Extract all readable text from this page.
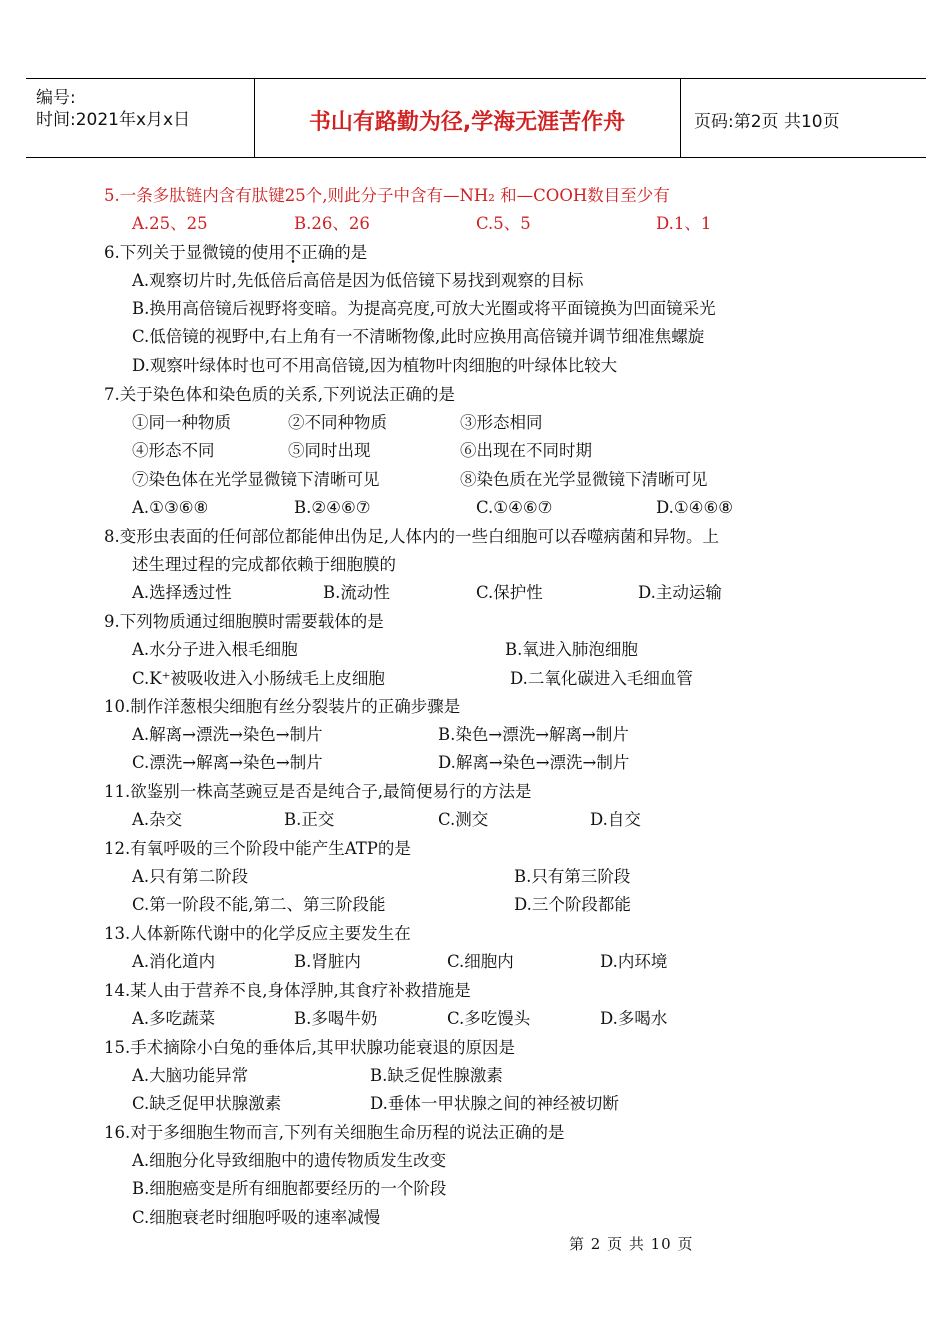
编号:
时间:2021年x月x日	书山有路勤为径,学海无涯苦作舟	页码:第2页 共10页
5.一条多肽链内含有肽键25个,则此分子中含有—NH₂ 和—COOH数目至少有
A.25、25	B.26、26	C.5、5	D.1、1
6.下列关于显微镜的使用不正确的是
A.观察切片时,先低倍后高倍是因为低倍镜下易找到观察的目标
B.换用高倍镜后视野将变暗。为提高亮度,可放大光圈或将平面镜换为凹面镜采光
C.低倍镜的视野中,右上角有一不清晰物像,此时应换用高倍镜并调节细准焦螺旋
D.观察叶绿体时也可不用高倍镜,因为植物叶肉细胞的叶绿体比较大
7.关于染色体和染色质的关系,下列说法正确的是
①同一种物质	②不同种物质	③形态相同
④形态不同	⑤同时出现	⑥出现在不同时期
⑦染色体在光学显微镜下清晰可见	⑧染色质在光学显微镜下清晰可见
A.①③⑥⑧	B.②④⑥⑦	C.①④⑥⑦	D.①④⑥⑧
8.变形虫表面的任何部位都能伸出伪足,人体内的一些白细胞可以吞噬病菌和异物。上
述生理过程的完成都依赖于细胞膜的
A.选择透过性	B.流动性	C.保护性	D.主动运输
9.下列物质通过细胞膜时需要载体的是
A.水分子进入根毛细胞	B.氧进入肺泡细胞
C.K⁺被吸收进入小肠绒毛上皮细胞	D.二氧化碳进入毛细血管
10.制作洋葱根尖细胞有丝分裂装片的正确步骤是
A.解离→漂洗→染色→制片	B.染色→漂洗→解离→制片
C.漂洗→解离→染色→制片	D.解离→染色→漂洗→制片
11.欲鉴别一株高茎豌豆是否是纯合子,最简便易行的方法是
A.杂交	B.正交	C.测交	D.自交
12.有氧呼吸的三个阶段中能产生ATP的是
A.只有第二阶段	B.只有第三阶段
C.第一阶段不能,第二、第三阶段能	D.三个阶段都能
13.人体新陈代谢中的化学反应主要发生在
A.消化道内	B.肾脏内	C.细胞内	D.内环境
14.某人由于营养不良,身体浮肿,其食疗补救措施是
A.多吃蔬菜	B.多喝牛奶	C.多吃馒头	D.多喝水
15.手术摘除小白兔的垂体后,其甲状腺功能衰退的原因是
A.大脑功能异常	B.缺乏促性腺激素
C.缺乏促甲状腺激素	D.垂体一甲状腺之间的神经被切断
16.对于多细胞生物而言,下列有关细胞生命历程的说法正确的是
A.细胞分化导致细胞中的遗传物质发生改变
B.细胞癌变是所有细胞都要经历的一个阶段
C.细胞衰老时细胞呼吸的速率减慢
第 2 页 共 10 页
